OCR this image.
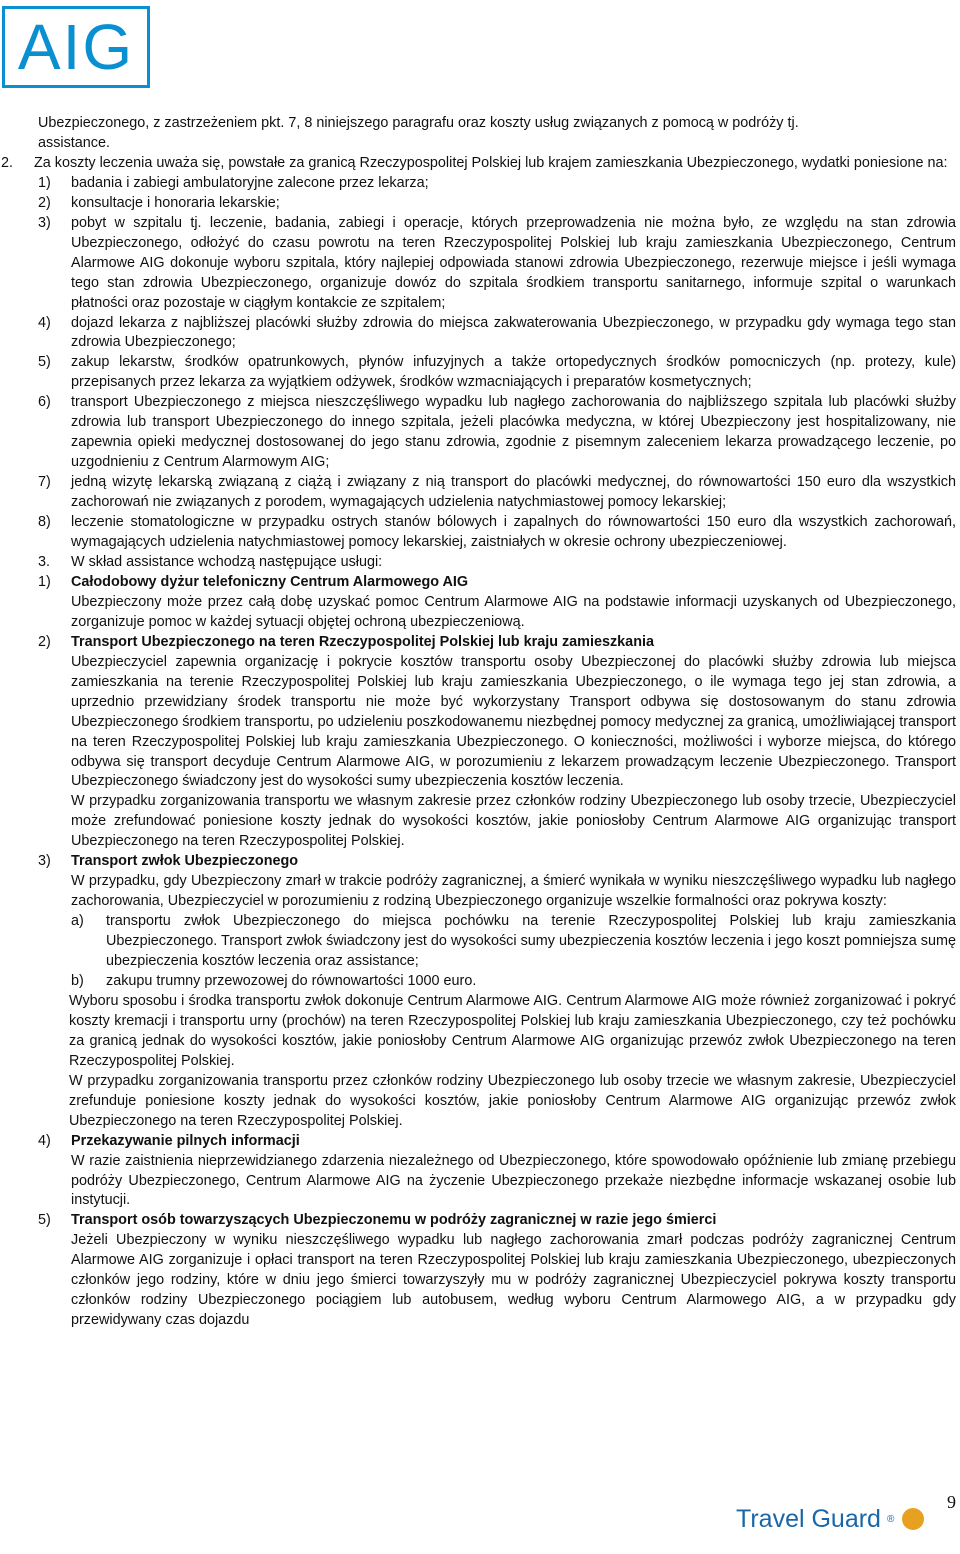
AIG

Ubezpieczonego, z zastrzeżeniem pkt. 7, 8 niniejszego paragrafu oraz koszty usług związanych z pomocą w podróży tj.

assistance.

2. Za koszty leczenia uważa się, powstałe za granicą Rzeczypospolitej Polskiej lub krajem zamieszkania Ubezpieczonego, wydatki poniesione na:

1) badania i zabiegi ambulatoryjne zalecone przez lekarza;
2) konsultacje i honoraria lekarskie;
3) pobyt w szpitalu tj. leczenie, badania, zabiegi i operacje, których przeprowadzenia nie można było, ze względu na stan zdrowia Ubezpieczonego, odłożyć do czasu powrotu na teren Rzeczypospolitej Polskiej lub kraju zamieszkania Ubezpieczonego, Centrum Alarmowe AIG dokonuje wyboru szpitala, który najlepiej odpowiada stanowi zdrowia Ubezpieczonego, rezerwuje miejsce i jeśli wymaga tego stan zdrowia Ubezpieczonego, organizuje dowóz do szpitala środkiem transportu sanitarnego, informuje szpital o warunkach płatności oraz pozostaje w ciągłym kontakcie ze szpitalem;
4) dojazd lekarza z najbliższej placówki służby zdrowia do miejsca zakwaterowania Ubezpieczonego, w przypadku gdy wymaga tego stan zdrowia Ubezpieczonego;
5) zakup lekarstw, środków opatrunkowych, płynów infuzyjnych a także ortopedycznych środków pomocniczych (np. protezy, kule) przepisanych przez lekarza za wyjątkiem odżywek, środków wzmacniających i preparatów kosmetycznych;
6) transport Ubezpieczonego z miejsca nieszczęśliwego wypadku lub nagłego zachorowania do najbliższego szpitala lub placówki służby zdrowia lub transport Ubezpieczonego do innego szpitala, jeżeli placówka medyczna, w której Ubezpieczony jest hospitalizowany, nie zapewnia opieki medycznej dostosowanej do jego stanu zdrowia, zgodnie z pisemnym zaleceniem lekarza prowadzącego leczenie, po uzgodnieniu z Centrum Alarmowym AIG;
7) jedną wizytę lekarską związaną z ciążą i związany z nią transport do placówki medycznej, do równowartości 150 euro dla wszystkich zachorowań nie związanych z porodem, wymagających udzielenia natychmiastowej pomocy lekarskiej;
8) leczenie stomatologiczne w przypadku ostrych stanów bólowych i zapalnych do równowartości 150 euro dla wszystkich zachorowań, wymagających udzielenia natychmiastowej pomocy lekarskiej, zaistniałych w okresie ochrony ubezpieczeniowej.
3. W skład assistance wchodzą następujące usługi:
1) Całodobowy dyżur telefoniczny Centrum Alarmowego AIG

Ubezpieczony może przez całą dobę uzyskać pomoc Centrum Alarmowe AIG na podstawie informacji uzyskanych od Ubezpieczonego, zorganizuje pomoc w każdej sytuacji objętej ochroną ubezpieczeniową.

2) Transport Ubezpieczonego na teren Rzeczypospolitej Polskiej lub kraju zamieszkania

Ubezpieczyciel zapewnia organizację i pokrycie kosztów transportu osoby Ubezpieczonej do placówki służby zdrowia lub miejsca zamieszkania na terenie Rzeczypospolitej Polskiej lub kraju zamieszkania Ubezpieczonego, o ile wymaga tego jej stan zdrowia, a uprzednio przewidziany środek transportu nie może być wykorzystany Transport odbywa się dostosowanym do stanu zdrowia Ubezpieczonego środkiem transportu, po udzieleniu poszkodowanemu niezbędnej pomocy medycznej za granicą, umożliwiającej transport na teren Rzeczypospolitej Polskiej lub kraju zamieszkania Ubezpieczonego. O konieczności, możliwości i wyborze miejsca, do którego odbywa się transport decyduje Centrum Alarmowe AIG, w porozumieniu z lekarzem prowadzącym leczenie Ubezpieczonego. Transport Ubezpieczonego świadczony jest do wysokości sumy ubezpieczenia kosztów leczenia.

W przypadku zorganizowania transportu we własnym zakresie przez członków rodziny Ubezpieczonego lub osoby trzecie, Ubezpieczyciel może zrefundować poniesione koszty jednak do wysokości kosztów, jakie poniosłoby Centrum Alarmowe AIG organizując transport Ubezpieczonego na teren Rzeczypospolitej Polskiej.

3) Transport zwłok Ubezpieczonego

W przypadku, gdy Ubezpieczony zmarł w trakcie podróży zagranicznej, a śmierć wynikała w wyniku nieszczęśliwego wypadku lub nagłego zachorowania, Ubezpieczyciel w porozumieniu z rodziną Ubezpieczonego organizuje wszelkie formalności oraz pokrywa koszty:

a) transportu zwłok Ubezpieczonego do miejsca pochówku na terenie Rzeczypospolitej Polskiej lub kraju zamieszkania Ubezpieczonego. Transport zwłok świadczony jest do wysokości sumy ubezpieczenia kosztów leczenia i jego koszt pomniejsza sumę ubezpieczenia kosztów leczenia oraz assistance;
b) zakupu trumny przewozowej do równowartości 1000 euro.

Wyboru sposobu i środka transportu zwłok dokonuje Centrum Alarmowe AIG. Centrum Alarmowe AIG może również zorganizować i pokryć koszty kremacji i transportu urny (prochów) na teren Rzeczypospolitej Polskiej lub kraju zamieszkania Ubezpieczonego, czy też pochówku za granicą jednak do wysokości kosztów, jakie poniosłoby Centrum Alarmowe AIG organizując przewóz zwłok Ubezpieczonego na teren Rzeczypospolitej Polskiej.

W przypadku zorganizowania transportu przez członków rodziny Ubezpieczonego lub osoby trzecie we własnym zakresie, Ubezpieczyciel zrefunduje poniesione koszty jednak do wysokości kosztów, jakie poniosłoby Centrum Alarmowe AIG organizując przewóz zwłok Ubezpieczonego na teren Rzeczypospolitej Polskiej.

4) Przekazywanie pilnych informacji

W razie zaistnienia nieprzewidzianego zdarzenia niezależnego od Ubezpieczonego, które spowodowało opóźnienie lub zmianę przebiegu podróży Ubezpieczonego, Centrum Alarmowe AIG na życzenie Ubezpieczonego przekaże niezbędne informacje wskazanej osobie lub instytucji.

5) Transport osób towarzyszących Ubezpieczonemu w podróży zagranicznej w razie jego śmierci

Jeżeli Ubezpieczony w wyniku nieszczęśliwego wypadku lub nagłego zachorowania zmarł podczas podróży zagranicznej Centrum Alarmowe AIG zorganizuje i opłaci transport na teren Rzeczypospolitej Polskiej lub kraju zamieszkania Ubezpieczonego, ubezpieczonych członków jego rodziny, które w dniu jego śmierci towarzyszyły mu w podróży zagranicznej Ubezpieczyciel pokrywa koszty transportu członków rodziny Ubezpieczonego pociągiem lub autobusem, według wyboru Centrum Alarmowego AIG, a w przypadku gdy przewidywany czas dojazdu

9
Travel Guard ®
